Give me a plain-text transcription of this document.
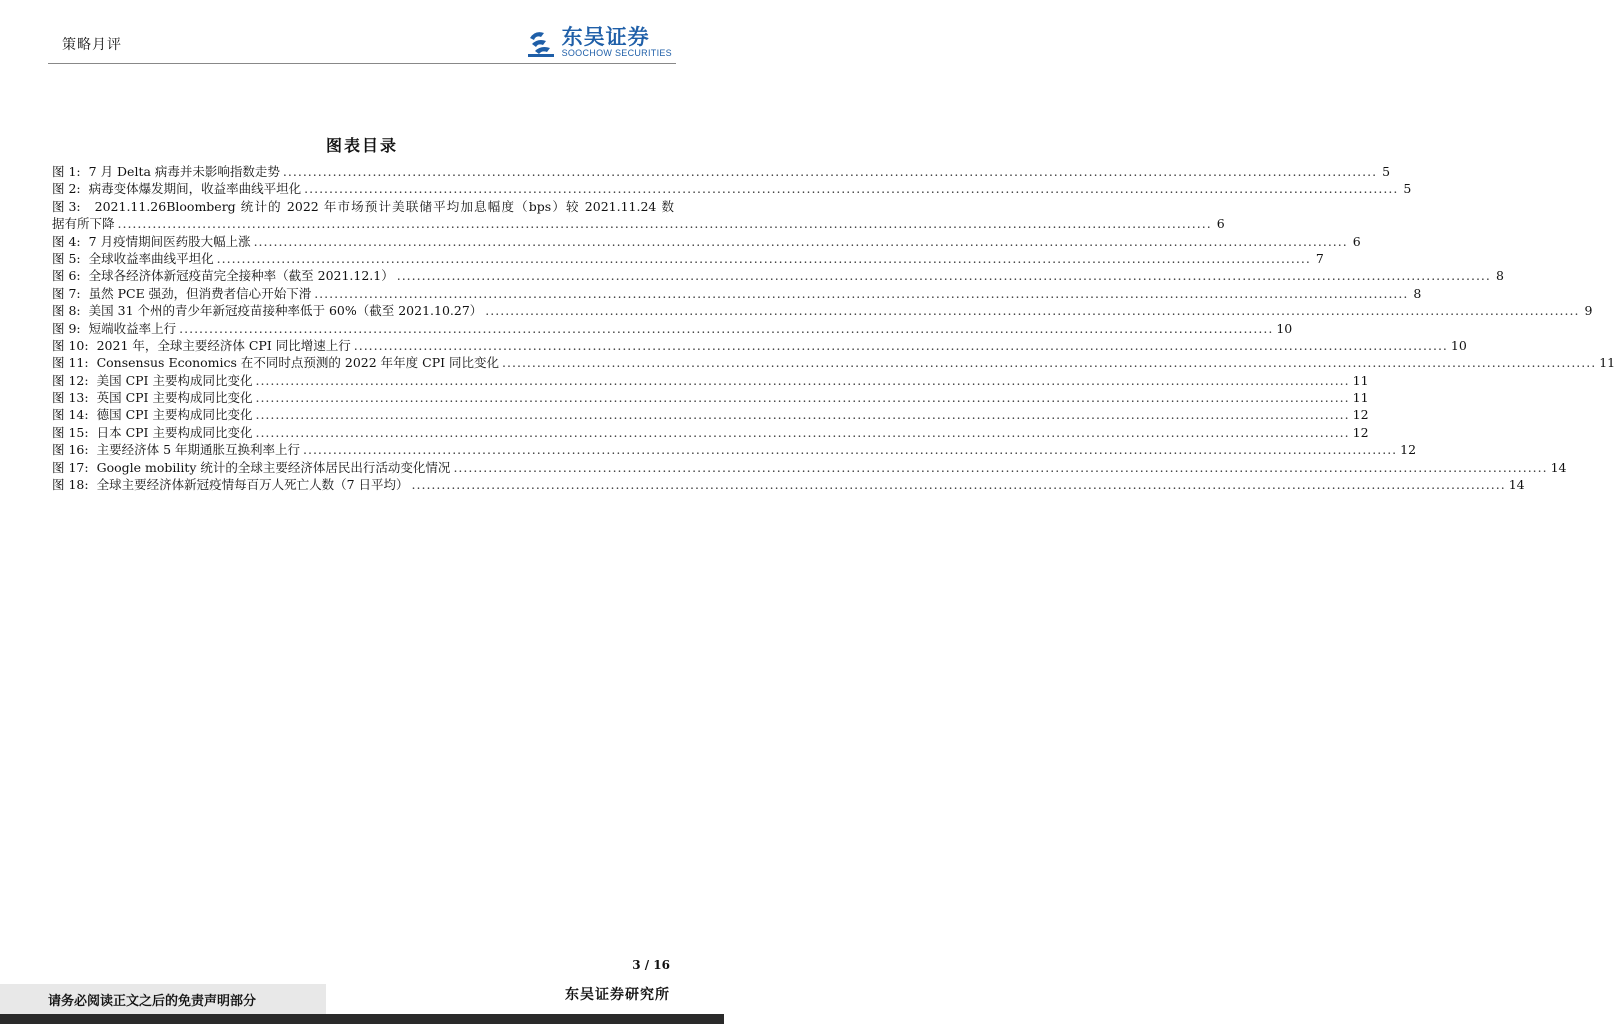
策略月评	东吴证券
SOOCHOW SECURITIES
图表目录
图 1: 7 月 Delta 病毒并未影响指数走势 ............................................................................................................................................................................................................................ 5
图 2: 病毒变体爆发期间，收益率曲线平坦化 ............................................................................................................................................................................................................................ 5
图 3: 2021.11.26Bloomberg 统计的 2022 年市场预计美联储平均加息幅度（bps）较 2021.11.24 数
据有所下降 ............................................................................................................................................................................................................................ 6
图 4: 7 月疫情期间医药股大幅上涨 ............................................................................................................................................................................................................................ 6
图 5: 全球收益率曲线平坦化 ............................................................................................................................................................................................................................ 7
图 6: 全球各经济体新冠疫苗完全接种率（截至 2021.12.1） ............................................................................................................................................................................................................................ 8
图 7: 虽然 PCE 强劲，但消费者信心开始下滑 ............................................................................................................................................................................................................................ 8
图 8: 美国 31 个州的青少年新冠疫苗接种率低于 60%（截至 2021.10.27） ............................................................................................................................................................................................................................ 9
图 9: 短端收益率上行 ............................................................................................................................................................................................................................ 10
图 10: 2021 年，全球主要经济体 CPI 同比增速上行 ............................................................................................................................................................................................................................ 10
图 11: Consensus Economics 在不同时点预测的 2022 年年度 CPI 同比变化 ............................................................................................................................................................................................................................ 11
图 12: 美国 CPI 主要构成同比变化 ............................................................................................................................................................................................................................ 11
图 13: 英国 CPI 主要构成同比变化 ............................................................................................................................................................................................................................ 11
图 14: 德国 CPI 主要构成同比变化 ............................................................................................................................................................................................................................ 12
图 15: 日本 CPI 主要构成同比变化 ............................................................................................................................................................................................................................ 12
图 16: 主要经济体 5 年期通胀互换利率上行 ............................................................................................................................................................................................................................ 12
图 17: Google mobility 统计的全球主要经济体居民出行活动变化情况 ............................................................................................................................................................................................................................ 14
图 18: 全球主要经济体新冠疫情每百万人死亡人数（7 日平均） ............................................................................................................................................................................................................................ 14
3 / 16
请务必阅读正文之后的免责声明部分	东吴证券研究所
